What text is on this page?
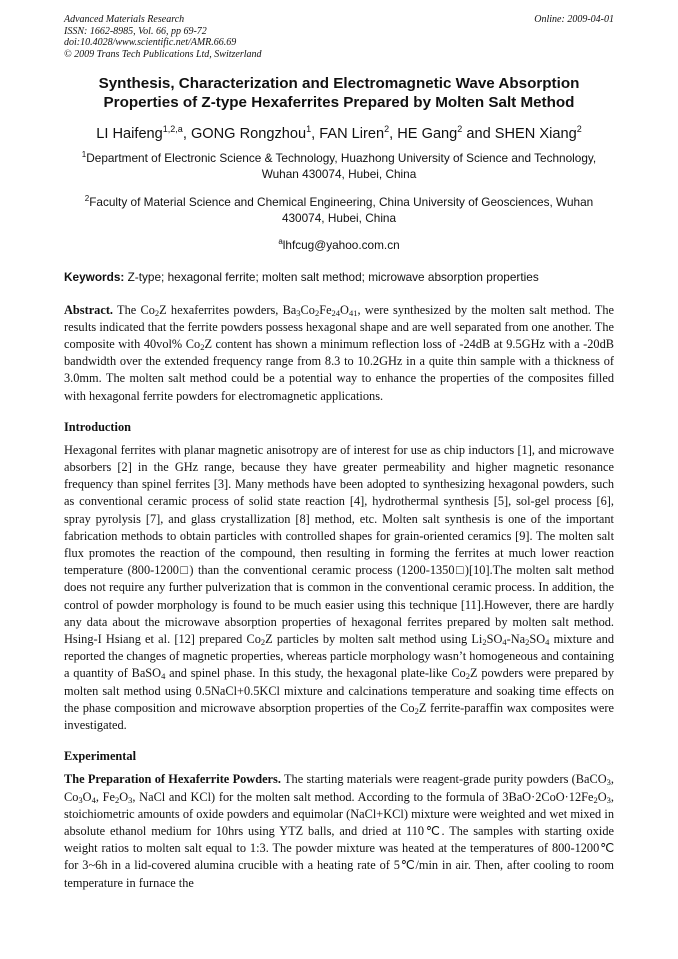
Advanced Materials Research
ISSN: 1662-8985, Vol. 66, pp 69-72
doi:10.4028/www.scientific.net/AMR.66.69
© 2009 Trans Tech Publications Ltd, Switzerland
Online: 2009-04-01
Synthesis, Characterization and Electromagnetic Wave Absorption
Properties of Z-type Hexaferrites Prepared by Molten Salt Method
LI Haifeng$^{1,2,a}$, GONG Rongzhou$^1$, FAN Liren$^2$, HE Gang$^2$ and SHEN Xiang$^2$
$^1$Department of Electronic Science & Technology, Huazhong University of Science and Technology, Wuhan 430074, Hubei, China
$^2$Faculty of Material Science and Chemical Engineering, China University of Geosciences, Wuhan 430074, Hubei, China
$^a$lhfcug@yahoo.com.cn
Keywords: Z-type; hexagonal ferrite; molten salt method; microwave absorption properties

Abstract. The $Co_2Z$ hexaferrites powders, $Ba_3Co_2Fe_{24}O_{41}$, were synthesized by the molten salt method. The results indicated that the ferrite powders possess hexagonal shape and are well separated from one another. The composite with 40vol% $Co_2Z$ content has shown a minimum reflection loss of -24dB at 9.5GHz with a -20dB bandwidth over the extended frequency range from 8.3 to 10.2GHz in a quite thin sample with a thickness of 3.0mm. The molten salt method could be a potential way to enhance the properties of the composites filled with hexagonal ferrite powders for electromagnetic applications.

Introduction

Hexagonal ferrites with planar magnetic anisotropy are of interest for use as chip inductors [1], and microwave absorbers [2] in the GHz range, because they have greater permeability and higher magnetic resonance frequency than spinel ferrites [3]. Many methods have been adopted to synthesizing hexagonal powders, such as conventional ceramic process of solid state reaction [4], hydrothermal synthesis [5], sol-gel process [6], spray pyrolysis [7], and glass crystallization [8] method, etc. Molten salt synthesis is one of the important fabrication methods to obtain particles with controlled shapes for grain-oriented ceramics [9]. The molten salt flux promotes the reaction of the compound, then resulting in forming the ferrites at much lower reaction temperature (800-1200□) than the conventional ceramic process (1200-1350□)[10].The molten salt method does not require any further pulverization that is common in the conventional ceramic process. In addition, the control of powder morphology is found to be much easier using this technique [11].However, there are hardly any data about the microwave absorption properties of hexagonal ferrites prepared by molten salt method. Hsing-I Hsiang et al. [12] prepared $Co_2Z$ particles by molten salt method using $Li_2SO_4-Na_2SO_4$ mixture and reported the changes of magnetic properties, whereas particle morphology wasn’t homogeneous and containing a quantity of BaSO$_4$ and spinel phase. In this study, the hexagonal plate-like $Co_2Z$ powders were prepared by molten salt method using 0.5NaCl+0.5KCl mixture and calcinations temperature and soaking time effects on the phase composition and microwave absorption properties of the $Co_2Z$ ferrite-paraffin wax composites were investigated.

Experimental

The Preparation of Hexaferrite Powders. The starting materials were reagent-grade purity powders (BaCO$_3$, $Co_3O_4$, $Fe_2O_3$, NaCl and KCl) for the molten salt method. According to the formula of $3BaO\cdot 2CoO\cdot 12Fe_2O_3$, stoichiometric amounts of oxide powders and equimolar (NaCl+KCl) mixture were weighted and wet mixed in absolute ethanol medium for 10hrs using YTZ balls, and dried at 110℃. The samples with starting oxide weight ratios to molten salt equal to 1:3. The powder mixture was heated at the temperatures of 800-1200℃ for 3~6h in a lid-covered alumina crucible with a heating rate of 5℃/min in air. Then, after cooling to room temperature in furnace the
